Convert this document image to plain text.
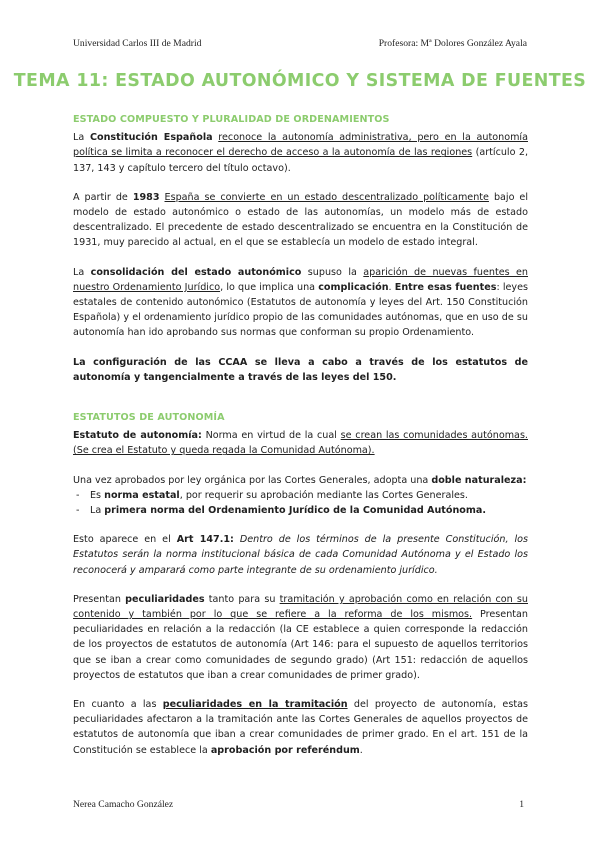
Universidad Carlos III de Madrid	Profesora: Mª Dolores González Ayala
TEMA 11: ESTADO AUTONÓMICO Y SISTEMA DE FUENTES
ESTADO COMPUESTO Y PLURALIDAD DE ORDENAMIENTOS

La Constitución Española reconoce la autonomía administrativa, pero en la autonomía política se limita a reconocer el derecho de acceso a la autonomía de las regiones (artículo 2, 137, 143 y capítulo tercero del título octavo).

A partir de 1983 España se convierte en un estado descentralizado políticamente bajo el modelo de estado autonómico o estado de las autonomías, un modelo más de estado descentralizado. El precedente de estado descentralizado se encuentra en la Constitución de 1931, muy parecido al actual, en el que se establecía un modelo de estado integral.

La consolidación del estado autonómico supuso la aparición de nuevas fuentes en nuestro Ordenamiento Jurídico, lo que implica una complicación. Entre esas fuentes: leyes estatales de contenido autonómico (Estatutos de autonomía y leyes del Art. 150 Constitución Española) y el ordenamiento jurídico propio de las comunidades autónomas, que en uso de su autonomía han ido aprobando sus normas que conforman su propio Ordenamiento.

La configuración de las CCAA se lleva a cabo a través de los estatutos de autonomía y tangencialmente a través de las leyes del 150.

ESTATUTOS DE AUTONOMÍA

Estatuto de autonomía: Norma en virtud de la cual se crean las comunidades autónomas. (Se crea el Estatuto y queda regada la Comunidad Autónoma).

Una vez aprobados por ley orgánica por las Cortes Generales, adopta una doble naturaleza:

- Es norma estatal, por requerir su aprobación mediante las Cortes Generales.
- La primera norma del Ordenamiento Jurídico de la Comunidad Autónoma.

Esto aparece en el Art 147.1: Dentro de los términos de la presente Constitución, los Estatutos serán la norma institucional básica de cada Comunidad Autónoma y el Estado los reconocerá y amparará como parte integrante de su ordenamiento jurídico.

Presentan peculiaridades tanto para su tramitación y aprobación como en relación con su contenido y también por lo que se refiere a la reforma de los mismos. Presentan peculiaridades en relación a la redacción (la CE establece a quien corresponde la redacción de los proyectos de estatutos de autonomía (Art 146: para el supuesto de aquellos territorios que se iban a crear como comunidades de segundo grado) (Art 151: redacción de aquellos proyectos de estatutos que iban a crear comunidades de primer grado).

En cuanto a las peculiaridades en la tramitación del proyecto de autonomía, estas peculiaridades afectaron a la tramitación ante las Cortes Generales de aquellos proyectos de estatutos de autonomía que iban a crear comunidades de primer grado. En el art. 151 de la Constitución se establece la aprobación por referéndum.

Nerea Camacho González	1
